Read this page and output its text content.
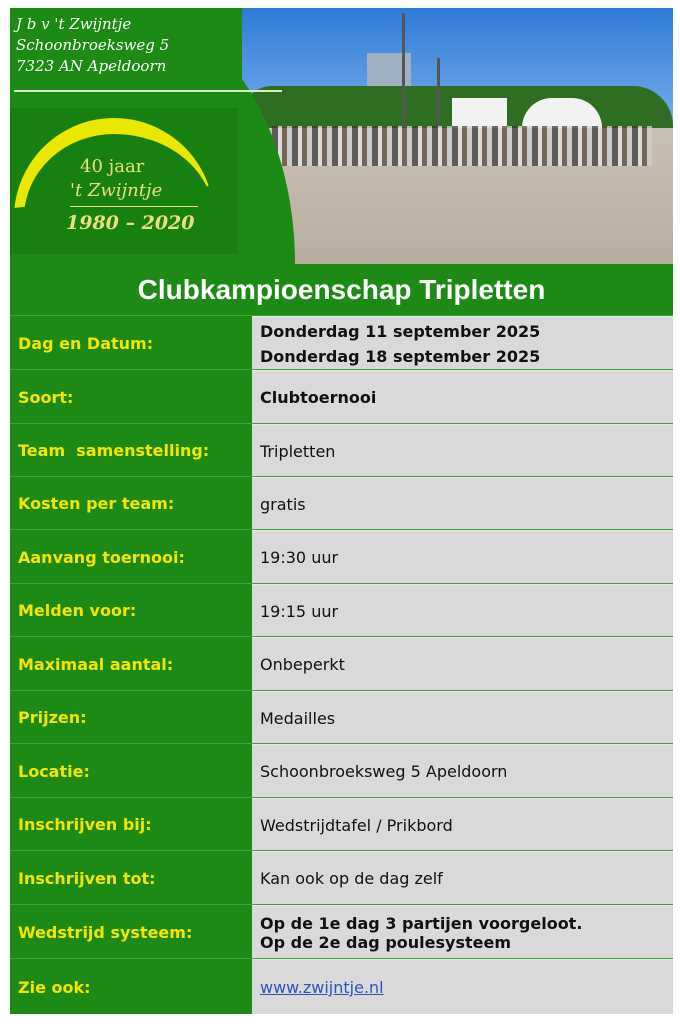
J b v 't Zwijntje
Schoonbroeksweg 5
7323 AN Apeldoorn
40 jaar
't Zwijntje
1980 – 2020
Clubkampioenschap Tripletten
Dag en Datum:
Donderdag 11 september 2025
Donderdag 18 september 2025
Soort:	Clubtoernooi
Team  samenstelling:	Tripletten
Kosten per team:	gratis
Aanvang toernooi:	19:30 uur
Melden voor:	19:15 uur
Maximaal aantal:	Onbeperkt
Prijzen:	Medailles
Locatie:	Schoonbroeksweg 5 Apeldoorn
Inschrijven bij:	Wedstrijdtafel / Prikbord
Inschrijven tot:	Kan ook op de dag zelf
Wedstrijd systeem:	Op de 1e dag 3 partijen voorgeloot.
Op de 2e dag poulesysteem
Zie ook:	www.zwijntje.nl
